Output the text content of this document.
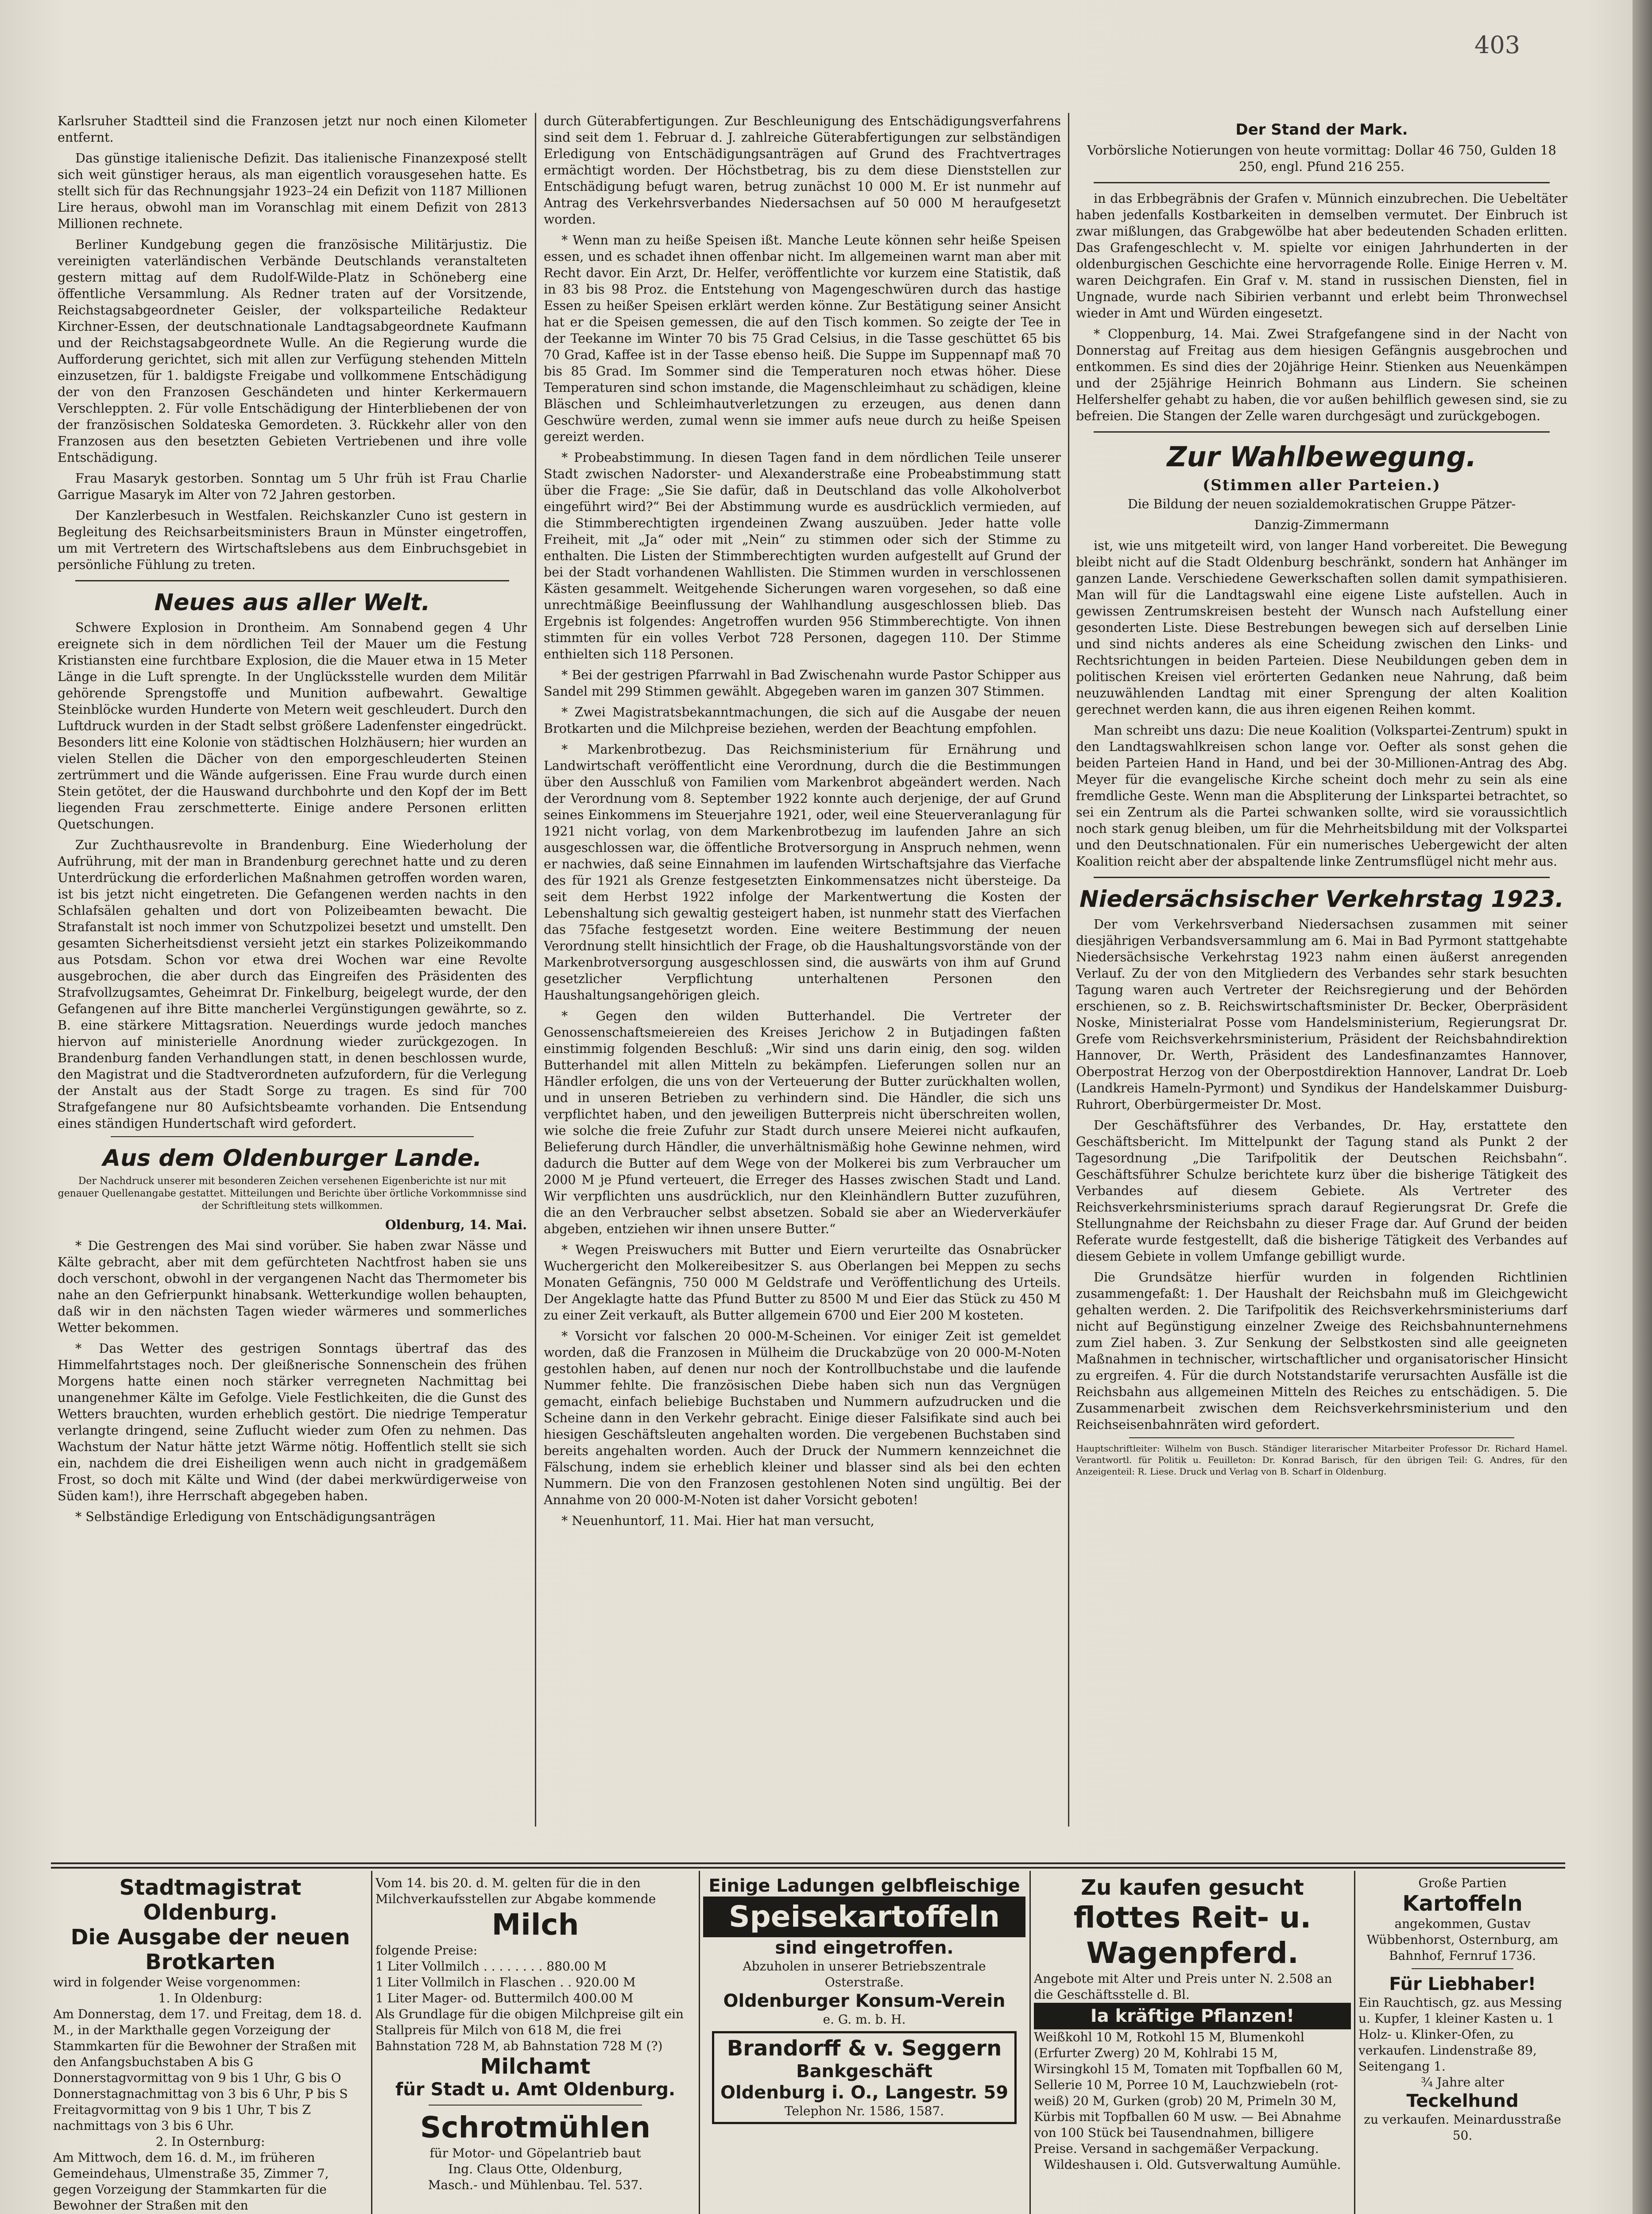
403

Karlsruher Stadtteil sind die Franzosen jetzt nur noch einen Kilometer entfernt.

Das günstige italienische Defizit. Das italienische Finanzexposé stellt sich weit günstiger heraus, als man eigentlich vorausgesehen hatte. Es stellt sich für das Rechnungsjahr 1923–24 ein Defizit von 1187 Millionen Lire heraus, obwohl man im Voranschlag mit einem Defizit von 2813 Millionen rechnete.

Berliner Kundgebung gegen die französische Militärjustiz. Die vereinigten vaterländischen Verbände Deutschlands veranstalteten gestern mittag auf dem Rudolf-Wilde-Platz in Schöneberg eine öffentliche Versammlung. Als Redner traten auf der Vorsitzende, Reichstagsabgeordneter Geisler, der volksparteiliche Redakteur Kirchner-Essen, der deutschnationale Landtagsabgeordnete Kaufmann und der Reichstagsabgeordnete Wulle. An die Regierung wurde die Aufforderung gerichtet, sich mit allen zur Verfügung stehenden Mitteln einzusetzen, für 1. baldigste Freigabe und vollkommene Entschädigung der von den Franzosen Geschändeten und hinter Kerkermauern Verschleppten. 2. Für volle Entschädigung der Hinterbliebenen der von der französischen Soldateska Gemordeten. 3. Rückkehr aller von den Franzosen aus den besetzten Gebieten Vertriebenen und ihre volle Entschädigung.

Frau Masaryk gestorben. Sonntag um 5 Uhr früh ist Frau Charlie Garrigue Masaryk im Alter von 72 Jahren gestorben.

Der Kanzlerbesuch in Westfalen. Reichskanzler Cuno ist gestern in Begleitung des Reichsarbeitsministers Braun in Münster eingetroffen, um mit Vertretern des Wirtschaftslebens aus dem Einbruchsgebiet in persönliche Fühlung zu treten.

Neues aus aller Welt.

Schwere Explosion in Drontheim. Am Sonnabend gegen 4 Uhr ereignete sich in dem nördlichen Teil der Mauer um die Festung Kristiansten eine furchtbare Explosion, die die Mauer etwa in 15 Meter Länge in die Luft sprengte. In der Unglücksstelle wurden dem Militär gehörende Sprengstoffe und Munition aufbewahrt. Gewaltige Steinblöcke wurden Hunderte von Metern weit geschleudert. Durch den Luftdruck wurden in der Stadt selbst größere Ladenfenster eingedrückt. Besonders litt eine Kolonie von städtischen Holzhäusern; hier wurden an vielen Stellen die Dächer von den emporgeschleuderten Steinen zertrümmert und die Wände aufgerissen. Eine Frau wurde durch einen Stein getötet, der die Hauswand durchbohrte und den Kopf der im Bett liegenden Frau zerschmetterte. Einige andere Personen erlitten Quetschungen.

Zur Zuchthausrevolte in Brandenburg. Eine Wiederholung der Aufrührung, mit der man in Brandenburg gerechnet hatte und zu deren Unterdrückung die erforderlichen Maßnahmen getroffen worden waren, ist bis jetzt nicht eingetreten. Die Gefangenen werden nachts in den Schlafsälen gehalten und dort von Polizeibeamten bewacht. Die Strafanstalt ist noch immer von Schutzpolizei besetzt und umstellt. Den gesamten Sicherheitsdienst versieht jetzt ein starkes Polizeikommando aus Potsdam. Schon vor etwa drei Wochen war eine Revolte ausgebrochen, die aber durch das Eingreifen des Präsidenten des Strafvollzugsamtes, Geheimrat Dr. Finkelburg, beigelegt wurde, der den Gefangenen auf ihre Bitte mancherlei Vergünstigungen gewährte, so z. B. eine stärkere Mittagsration. Neuerdings wurde jedoch manches hiervon auf ministerielle Anordnung wieder zurückgezogen. In Brandenburg fanden Verhandlungen statt, in denen beschlossen wurde, den Magistrat und die Stadtverordneten aufzufordern, für die Verlegung der Anstalt aus der Stadt Sorge zu tragen. Es sind für 700 Strafgefangene nur 80 Aufsichtsbeamte vorhanden. Die Entsendung eines ständigen Hundertschaft wird gefordert.

Aus dem Oldenburger Lande.

Der Nachdruck unserer mit besonderen Zeichen versehenen Eigenberichte ist nur mit genauer Quellenangabe gestattet. Mitteilungen und Berichte über örtliche Vorkommnisse sind der Schriftleitung stets willkommen.

Oldenburg, 14. Mai.

* Die Gestrengen des Mai sind vorüber. Sie haben zwar Nässe und Kälte gebracht, aber mit dem gefürchteten Nachtfrost haben sie uns doch verschont, obwohl in der vergangenen Nacht das Thermometer bis nahe an den Gefrierpunkt hinabsank. Wetterkundige wollen behaupten, daß wir in den nächsten Tagen wieder wärmeres und sommerliches Wetter bekommen.

* Das Wetter des gestrigen Sonntags übertraf das des Himmelfahrtstages noch. Der gleißnerische Sonnenschein des frühen Morgens hatte einen noch stärker verregneten Nachmittag bei unangenehmer Kälte im Gefolge. Viele Festlichkeiten, die die Gunst des Wetters brauchten, wurden erheblich gestört. Die niedrige Temperatur verlangte dringend, seine Zuflucht wieder zum Ofen zu nehmen. Das Wachstum der Natur hätte jetzt Wärme nötig. Hoffentlich stellt sie sich ein, nachdem die drei Eisheiligen wenn auch nicht in gradgemäßem Frost, so doch mit Kälte und Wind (der dabei merkwürdigerweise von Süden kam!), ihre Herrschaft abgegeben haben.

* Selbständige Erledigung von Entschädigungsanträgen

durch Güterabfertigungen. Zur Beschleunigung des Entschädigungsverfahrens sind seit dem 1. Februar d. J. zahlreiche Güterabfertigungen zur selbständigen Erledigung von Entschädigungsanträgen auf Grund des Frachtvertrages ermächtigt worden. Der Höchstbetrag, bis zu dem diese Dienststellen zur Entschädigung befugt waren, betrug zunächst 10 000 M. Er ist nunmehr auf Antrag des Verkehrsverbandes Niedersachsen auf 50 000 M heraufgesetzt worden.

* Wenn man zu heiße Speisen ißt. Manche Leute können sehr heiße Speisen essen, und es schadet ihnen offenbar nicht. Im allgemeinen warnt man aber mit Recht davor. Ein Arzt, Dr. Helfer, veröffentlichte vor kurzem eine Statistik, daß in 83 bis 98 Proz. die Entstehung von Magengeschwüren durch das hastige Essen zu heißer Speisen erklärt werden könne. Zur Bestätigung seiner Ansicht hat er die Speisen gemessen, die auf den Tisch kommen. So zeigte der Tee in der Teekanne im Winter 70 bis 75 Grad Celsius, in die Tasse geschüttet 65 bis 70 Grad, Kaffee ist in der Tasse ebenso heiß. Die Suppe im Suppennapf maß 70 bis 85 Grad. Im Sommer sind die Temperaturen noch etwas höher. Diese Temperaturen sind schon imstande, die Magenschleimhaut zu schädigen, kleine Bläschen und Schleimhautverletzungen zu erzeugen, aus denen dann Geschwüre werden, zumal wenn sie immer aufs neue durch zu heiße Speisen gereizt werden.

* Probeabstimmung. In diesen Tagen fand in dem nördlichen Teile unserer Stadt zwischen Nadorster- und Alexanderstraße eine Probeabstimmung statt über die Frage: „Sie Sie dafür, daß in Deutschland das volle Alkoholverbot eingeführt wird?“ Bei der Abstimmung wurde es ausdrücklich vermieden, auf die Stimmberechtigten irgendeinen Zwang auszuüben. Jeder hatte volle Freiheit, mit „Ja“ oder mit „Nein“ zu stimmen oder sich der Stimme zu enthalten. Die Listen der Stimmberechtigten wurden aufgestellt auf Grund der bei der Stadt vorhandenen Wahllisten. Die Stimmen wurden in verschlossenen Kästen gesammelt. Weitgehende Sicherungen waren vorgesehen, so daß eine unrechtmäßige Beeinflussung der Wahlhandlung ausgeschlossen blieb. Das Ergebnis ist folgendes: Angetroffen wurden 956 Stimmberechtigte. Von ihnen stimmten für ein volles Verbot 728 Personen, dagegen 110. Der Stimme enthielten sich 118 Personen.

* Bei der gestrigen Pfarrwahl in Bad Zwischenahn wurde Pastor Schipper aus Sandel mit 299 Stimmen gewählt. Abgegeben waren im ganzen 307 Stimmen.

* Zwei Magistratsbekanntmachungen, die sich auf die Ausgabe der neuen Brotkarten und die Milchpreise beziehen, werden der Beachtung empfohlen.

* Markenbrotbezug. Das Reichsministerium für Ernährung und Landwirtschaft veröffentlicht eine Verordnung, durch die die Bestimmungen über den Ausschluß von Familien vom Markenbrot abgeändert werden. Nach der Verordnung vom 8. September 1922 konnte auch derjenige, der auf Grund seines Einkommens im Steuerjahre 1921, oder, weil eine Steuerveranlagung für 1921 nicht vorlag, von dem Markenbrotbezug im laufenden Jahre an sich ausgeschlossen war, die öffentliche Brotversorgung in Anspruch nehmen, wenn er nachwies, daß seine Einnahmen im laufenden Wirtschaftsjahre das Vierfache des für 1921 als Grenze festgesetzten Einkommensatzes nicht übersteige. Da seit dem Herbst 1922 infolge der Markentwertung die Kosten der Lebenshaltung sich gewaltig gesteigert haben, ist nunmehr statt des Vierfachen das 75fache festgesetzt worden. Eine weitere Bestimmung der neuen Verordnung stellt hinsichtlich der Frage, ob die Haushaltungsvorstände von der Markenbrotversorgung ausgeschlossen sind, die auswärts von ihm auf Grund gesetzlicher Verpflichtung unterhaltenen Personen den Haushaltungsangehörigen gleich.

* Gegen den wilden Butterhandel. Die Vertreter der Genossenschaftsmeiereien des Kreises Jerichow 2 in Butjadingen faßten einstimmig folgenden Beschluß: „Wir sind uns darin einig, den sog. wilden Butterhandel mit allen Mitteln zu bekämpfen. Lieferungen sollen nur an Händler erfolgen, die uns von der Verteuerung der Butter zurückhalten wollen, und in unseren Betrieben zu verhindern sind. Die Händler, die sich uns verpflichtet haben, und den jeweiligen Butterpreis nicht überschreiten wollen, wie solche die freie Zufuhr zur Stadt durch unsere Meierei nicht aufkaufen, Belieferung durch Händler, die unverhältnismäßig hohe Gewinne nehmen, wird dadurch die Butter auf dem Wege von der Molkerei bis zum Verbraucher um 2000 M je Pfund verteuert, die Erreger des Hasses zwischen Stadt und Land. Wir verpflichten uns ausdrücklich, nur den Kleinhändlern Butter zuzuführen, die an den Verbraucher selbst absetzen. Sobald sie aber an Wiederverkäufer abgeben, entziehen wir ihnen unsere Butter.“

* Wegen Preiswuchers mit Butter und Eiern verurteilte das Osnabrücker Wuchergericht den Molkereibesitzer S. aus Oberlangen bei Meppen zu sechs Monaten Gefängnis, 750 000 M Geldstrafe und Veröffentlichung des Urteils. Der Angeklagte hatte das Pfund Butter zu 8500 M und Eier das Stück zu 450 M zu einer Zeit verkauft, als Butter allgemein 6700 und Eier 200 M kosteten.

* Vorsicht vor falschen 20 000-M-Scheinen. Vor einiger Zeit ist gemeldet worden, daß die Franzosen in Mülheim die Druckabzüge von 20 000-M-Noten gestohlen haben, auf denen nur noch der Kontrollbuchstabe und die laufende Nummer fehlte. Die französischen Diebe haben sich nun das Vergnügen gemacht, einfach beliebige Buchstaben und Nummern aufzudrucken und die Scheine dann in den Verkehr gebracht. Einige dieser Falsifikate sind auch bei hiesigen Geschäftsleuten angehalten worden. Die vergebenen Buchstaben sind bereits angehalten worden. Auch der Druck der Nummern kennzeichnet die Fälschung, indem sie erheblich kleiner und blasser sind als bei den echten Nummern. Die von den Franzosen gestohlenen Noten sind ungültig. Bei der Annahme von 20 000-M-Noten ist daher Vorsicht geboten!

* Neuenhuntorf, 11. Mai. Hier hat man versucht,

Der Stand der Mark.

Vorbörsliche Notierungen von heute vormittag: Dollar 46 750, Gulden 18 250, engl. Pfund 216 255.

in das Erbbegräbnis der Grafen v. Münnich einzubrechen. Die Uebeltäter haben jedenfalls Kostbarkeiten in demselben vermutet. Der Einbruch ist zwar mißlungen, das Grabgewölbe hat aber bedeutenden Schaden erlitten. Das Grafengeschlecht v. M. spielte vor einigen Jahrhunderten in der oldenburgischen Geschichte eine hervorragende Rolle. Einige Herren v. M. waren Deichgrafen. Ein Graf v. M. stand in russischen Diensten, fiel in Ungnade, wurde nach Sibirien verbannt und erlebt beim Thronwechsel wieder in Amt und Würden eingesetzt.

* Cloppenburg, 14. Mai. Zwei Strafgefangene sind in der Nacht von Donnerstag auf Freitag aus dem hiesigen Gefängnis ausgebrochen und entkommen. Es sind dies der 20jährige Heinr. Stienken aus Neuenkämpen und der 25jährige Heinrich Bohmann aus Lindern. Sie scheinen Helfershelfer gehabt zu haben, die vor außen behilflich gewesen sind, sie zu befreien. Die Stangen der Zelle waren durchgesägt und zurückgebogen.

Zur Wahlbewegung.
(Stimmen aller Parteien.)

Die Bildung der neuen sozialdemokratischen Gruppe Pätzer-

Danzig-Zimmermann

ist, wie uns mitgeteilt wird, von langer Hand vorbereitet. Die Bewegung bleibt nicht auf die Stadt Oldenburg beschränkt, sondern hat Anhänger im ganzen Lande. Verschiedene Gewerkschaften sollen damit sympathisieren. Man will für die Landtagswahl eine eigene Liste aufstellen. Auch in gewissen Zentrumskreisen besteht der Wunsch nach Aufstellung einer gesonderten Liste. Diese Bestrebungen bewegen sich auf derselben Linie und sind nichts anderes als eine Scheidung zwischen den Links- und Rechtsrichtungen in beiden Parteien. Diese Neubildungen geben dem in politischen Kreisen viel erörterten Gedanken neue Nahrung, daß beim neuzuwählenden Landtag mit einer Sprengung der alten Koalition gerechnet werden kann, die aus ihren eigenen Reihen kommt.

Man schreibt uns dazu: Die neue Koalition (Volkspartei-Zentrum) spukt in den Landtagswahlkreisen schon lange vor. Oefter als sonst gehen die beiden Parteien Hand in Hand, und bei der 30-Millionen-Antrag des Abg. Meyer für die evangelische Kirche scheint doch mehr zu sein als eine fremdliche Geste. Wenn man die Abspliterung der Linkspartei betrachtet, so sei ein Zentrum als die Partei schwanken sollte, wird sie voraussichtlich noch stark genug bleiben, um für die Mehrheitsbildung mit der Volkspartei und den Deutschnationalen. Für ein numerisches Uebergewicht der alten Koalition reicht aber der abspaltende linke Zentrumsflügel nicht mehr aus.

Niedersächsischer Verkehrstag 1923.

Der vom Verkehrsverband Niedersachsen zusammen mit seiner diesjährigen Verbandsversammlung am 6. Mai in Bad Pyrmont stattgehabte Niedersächsische Verkehrstag 1923 nahm einen äußerst anregenden Verlauf. Zu der von den Mitgliedern des Verbandes sehr stark besuchten Tagung waren auch Vertreter der Reichsregierung und der Behörden erschienen, so z. B. Reichswirtschaftsminister Dr. Becker, Oberpräsident Noske, Ministerialrat Posse vom Handelsministerium, Regierungsrat Dr. Grefe vom Reichsverkehrsministerium, Präsident der Reichsbahndirektion Hannover, Dr. Werth, Präsident des Landesfinanzamtes Hannover, Oberpostrat Herzog von der Oberpostdirektion Hannover, Landrat Dr. Loeb (Landkreis Hameln-Pyrmont) und Syndikus der Handelskammer Duisburg-Ruhrort, Oberbürgermeister Dr. Most.

Der Geschäftsführer des Verbandes, Dr. Hay, erstattete den Geschäftsbericht. Im Mittelpunkt der Tagung stand als Punkt 2 der Tagesordnung „Die Tarifpolitik der Deutschen Reichsbahn“. Geschäftsführer Schulze berichtete kurz über die bisherige Tätigkeit des Verbandes auf diesem Gebiete. Als Vertreter des Reichsverkehrsministeriums sprach darauf Regierungsrat Dr. Grefe die Stellungnahme der Reichsbahn zu dieser Frage dar. Auf Grund der beiden Referate wurde festgestellt, daß die bisherige Tätigkeit des Verbandes auf diesem Gebiete in vollem Umfange gebilligt wurde.

Die Grundsätze hierfür wurden in folgenden Richtlinien zusammengefaßt: 1. Der Haushalt der Reichsbahn muß im Gleichgewicht gehalten werden. 2. Die Tarifpolitik des Reichsverkehrsministeriums darf nicht auf Begünstigung einzelner Zweige des Reichsbahnunternehmens zum Ziel haben. 3. Zur Senkung der Selbstkosten sind alle geeigneten Maßnahmen in technischer, wirtschaftlicher und organisatorischer Hinsicht zu ergreifen. 4. Für die durch Notstandstarife verursachten Ausfälle ist die Reichsbahn aus allgemeinen Mitteln des Reiches zu entschädigen. 5. Die Zusammenarbeit zwischen dem Reichsverkehrsministerium und den Reichseisenbahnräten wird gefordert.

Hauptschriftleiter: Wilhelm von Busch. Ständiger literarischer Mitarbeiter Professor Dr. Richard Hamel. Verantwortl. für Politik u. Feuilleton: Dr. Konrad Barisch, für den übrigen Teil: G. Andres, für den Anzeigenteil: R. Liese. Druck und Verlag von B. Scharf in Oldenburg.

Stadtmagistrat Oldenburg.

Die Ausgabe der neuen Brotkarten

wird in folgender Weise vorgenommen:

1. In Oldenburg:

Am Donnerstag, dem 17. und Freitag, dem 18. d. M., in der Markthalle gegen Vorzeigung der Stammkarten für die Bewohner der Straßen mit den Anfangsbuchstaben A bis G Donnerstagvormittag von 9 bis 1 Uhr, G bis O Donnerstagnachmittag von 3 bis 6 Uhr, P bis S Freitagvormittag von 9 bis 1 Uhr, T bis Z nachmittags von 3 bis 6 Uhr.

2. In Osternburg:

Am Mittwoch, dem 16. d. M., im früheren Gemeindehaus, Ulmenstraße 35, Zimmer 7, gegen Vorzeigung der Stammkarten für die Bewohner der Straßen mit den

Vom 14. bis 20. d. M. gelten für die in den Milchverkaufsstellen zur Abgabe kommende

Milch

folgende Preise:

1 Liter Vollmilch . . . . . . . . 880.00 M

1 Liter Vollmilch in Flaschen . . 920.00 M

1 Liter Mager- od. Buttermilch 400.00 M

Als Grundlage für die obigen Milchpreise gilt ein Stallpreis für Milch von 618 M, die frei Bahnstation 728 M, ab Bahnstation 728 M (?)

Milchamt

für Stadt u. Amt Oldenburg.

Schrotmühlen

für Motor- und Göpelantrieb baut

Ing. Claus Otte, Oldenburg,

Masch.- und Mühlenbau. Tel. 537.

Einige Ladungen gelbfleischige

Speisekartoffeln

sind eingetroffen.

Abzuholen in unserer Betriebszentrale Osterstraße.

Oldenburger Konsum-Verein

e. G. m. b. H.

Brandorff & v. Seggern

Bankgeschäft

Oldenburg i. O., Langestr. 59

Telephon Nr. 1586, 1587.

Zu kaufen gesucht

flottes Reit- u.

Wagenpferd.

Angebote mit Alter und Preis unter N. 2.508 an die Geschäftsstelle d. Bl.

Ia kräftige Pflanzen!

Weißkohl 10 M, Rotkohl 15 M, Blumenkohl (Erfurter Zwerg) 20 M, Kohlrabi 15 M, Wirsingkohl 15 M, Tomaten mit Topfballen 60 M, Sellerie 10 M, Porree 10 M, Lauchzwiebeln (rot-weiß) 20 M, Gurken (grob) 20 M, Primeln 30 M, Kürbis mit Topfballen 60 M usw. — Bei Abnahme von 100 Stück bei Tausendnahmen, billigere Preise. Versand in sachgemäßer Verpackung.

Wildeshausen i. Old. Gutsverwaltung Aumühle.

Große Partien

Kartoffeln

angekommen, Gustav Wübbenhorst, Osternburg, am Bahnhof, Fernruf 1736.

Für Liebhaber!

Ein Rauchtisch, gz. aus Messing u. Kupfer, 1 kleiner Kasten u. 1 Holz- u. Klinker-Ofen, zu verkaufen. Lindenstraße 89, Seitengang 1.

¾ Jahre alter

Teckelhund

zu verkaufen. Meinardusstraße 50.
